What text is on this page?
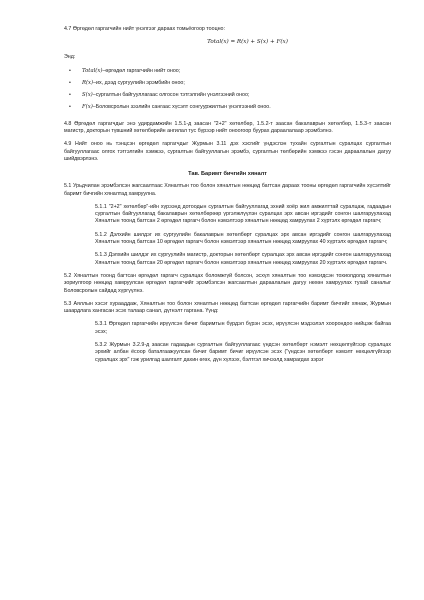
4.7 Өргөдөл гаргагчийн нийт үнэлгээг дараах томьёогоор тооцно:

Total(x) = R(x) + S(x) + F(x)

Энд:

• Total(x)–өргөдөл гаргагчийн нийт оноо;
• R(x)–их, дээд сургуулийн эрэмбийн оноо;
• S(x)–сургалтын байгууллагаас олгосон тэтгэлгийн үнэлгээний оноо;
• F(x)–Боловсролын зээлийн сангаас хүсэлт сонгууржилтын үнэлгээний оноо.

4.8 Өргөдөл гаргагчдыг энэ удирдамжийн 1.5.1-д заасан "2+2" хөтөлбөр, 1.5.2-т заасан бакалаврын хөтөлбөр, 1.5.3-т заасан магистр, докторын түвшний хөтөлбөрийн ангилал тус бүрээр нийт оноогоор буурах дараалалаар эрэмбэлнэ.

4.9 Нийт оноо нь тэнцсэн өргөдөл гаргагчдыг Журмын 3.11 дэх хэсгийг үндэслэн тухайн сургалтын суралцах сургалтын байгууллагаас олгох тэтгэлгийн хэмжээ, сургалтын байгууллагын эрэмбэ, сургалтын төлбөрийн хэмжээ гэсэн дараалалын дагуу шийдвэрлэнэ.

Тав. Баримт бичгийн хяналт

5.1 Урьдчилан эрэмбэлсэн жагсаалтаас Хяналтын тоо болон хяналтын нөөцөд багтсан дараах тооны өргөдөл гаргагчийн хүсэлтийг баримт бичгийн хяналтад хамруулна.

5.1.1 "2+2" хөтөлбөр"-ийн хүрээнд дотоодын сургалтын байгууллагад эхний хоёр жил амжилттай суралцаж, гадаадын сургалтын байгууллагад бакалаврын хөтөлбөрөөр үргэлжлүүлэн суралцах эрх авсан иргэдийг сонгон шалгаруулахад Хяналтын тоонд багтсан 2 өргөдөл гаргагч болон нэмэлтээр хяналтын нөөцөд хамруулах 2 хүртэлх өргөдөл гаргагч;

5.1.2 Дэлхийн шилдэг их сургуулийн бакалаврын хөтөлбөрт суралцах эрх авсан иргэдийг сонгон шалгаруулахад Хяналтын тоонд багтсан 10 өргөдөл гаргагч болон нэмэлтээр хяналтын нөөцөд хамруулах 40 хүртэлх өргөдөл гаргагч;

5.1.3 Дэлхийн шилдэг их сургуулийн магистр, докторын хөтөлбөрт суралцах эрх авсан иргэдийг сонгон шалгаруулахад Хяналтын тоонд багтсан 20 өргөдөл гаргагч болон нэмэлтээр хяналтын нөөцөд хамруулах 20 хүртэлх өргөдөл гаргагч.

5.2 Хяналтын тоонд багтсан өргөдөл гаргагч суралцах боломжгүй болсон, эсхүл хяналтын тоо нэмэгдсэн тохиолдолд хяналтын зориулгоор нөөцөд хамруулсан өргөдөл гаргагчийг эрэмбэлсэн жагсаалтын дараалалын дагуу нөхөн хамруулах тухай саналыг Боловсролын сайдад хүргүүлнэ.

5.3 Аяллын хэсэг хурааддаж, Хяналтын тоо болон хяналтын нөөцөд багтсан өргөдөл гаргагчийн баримт бичгийг хянаж, Журмын шаардлага хангасан эсэх талаар санал, дүгнэлт гаргана. Үүнд:

5.3.1 Өргөдөл гаргагчийн ирүүлсэн бичиг баримтын бүрдэл бүрэн эсэх, ирүүлсэн мэдээлэл хоорондоо нийцэж байгаа эсэх;

5.3.2 Журмын 3.2.9-д заасан гадаадын сургалтын байгууллагаас үндсэн хөтөлбөрт нэмэлт нөхцөлгүйгээр суралцах эрхийг албан ёсоор баталгаажуулсан бичиг баримт бичиг ирүүлсэн эсэх ("үндсэн хөтөлбөрт нэмэлт нөхцөлгүйгээр суралцах эрх" гэж урилгад шалгалт дахин өгөх, дүн хүлээх, бэлтгэл хичээлд хамрагдах зэрэг
